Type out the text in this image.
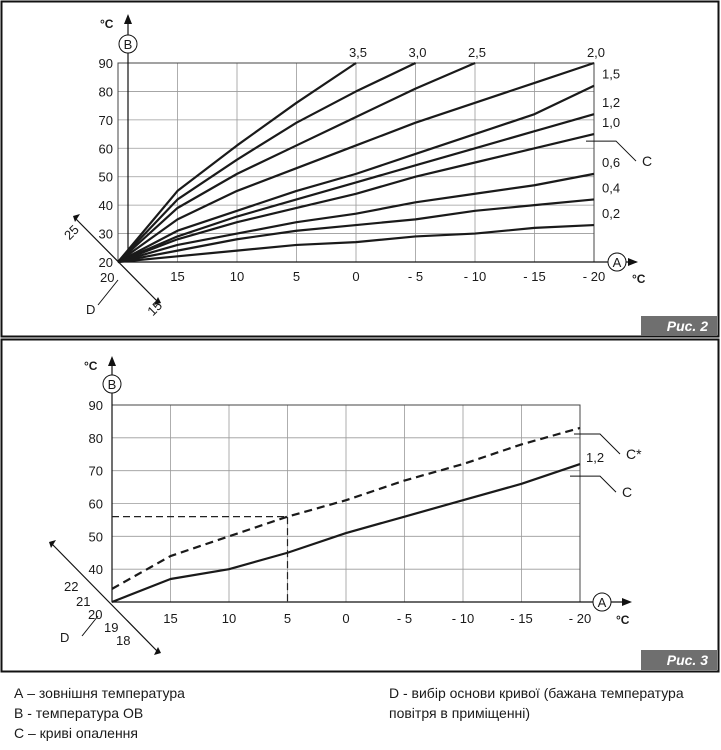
20
30
40
50
60
70
80
90
15	10	5	0	- 5	- 10	- 15	- 20
25
15
3,5	3,0	2,5	2,0
1,5
1,2
1,0
0,6
0,4
0,2
C
°C
B
A
°C
D
20
Рис. 2
40
50
60
70
80
90
15	10	5	0	- 5	- 10	- 15	- 20
22
21
20
19
18
1,2 C*
C
°C
B
A
°C
D
Рис. 3
А – зовнішня температура
B - температура ОВ
С – криві опалення
D - вибір основи кривої (бажана температура повітря в приміщенні)
